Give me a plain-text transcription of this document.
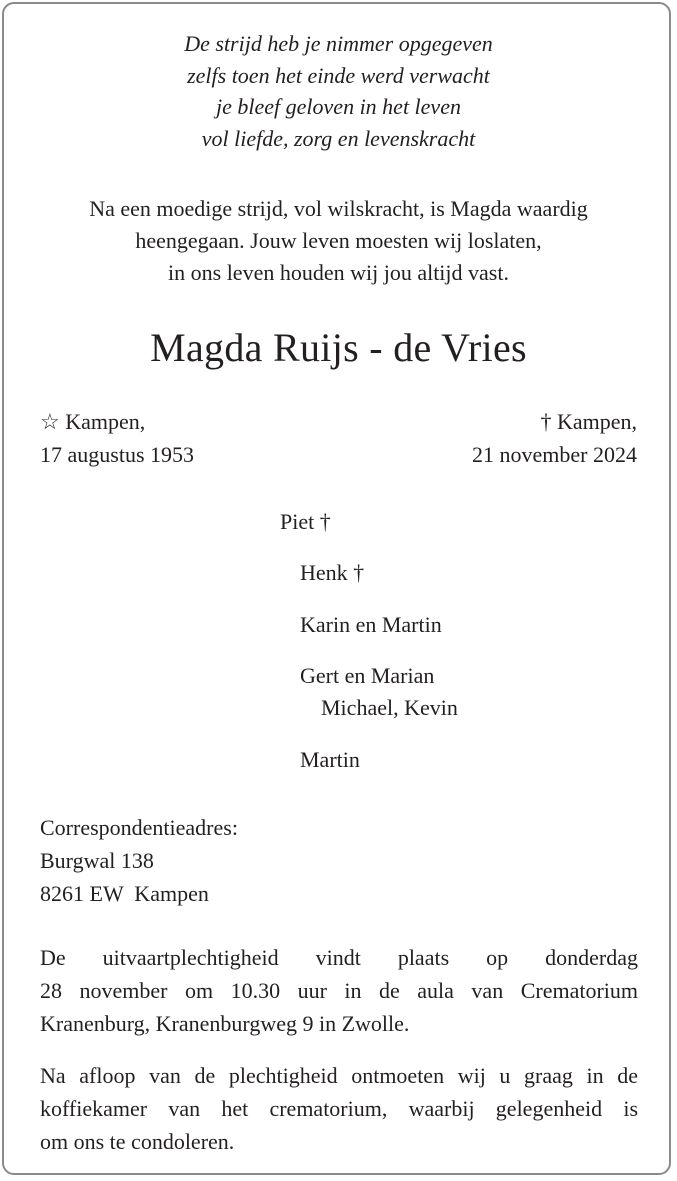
De strijd heb je nimmer opgegeven
zelfs toen het einde werd verwacht
je bleef geloven in het leven
vol liefde, zorg en levenskracht
Na een moedige strijd, vol wilskracht, is Magda waardig
heengegaan. Jouw leven moesten wij loslaten,
in ons leven houden wij jou altijd vast.
Magda Ruijs - de Vries
☆ Kampen,
17 augustus 1953
† Kampen,
21 november 2024
Piet †
Henk †
Karin en Martin
Gert en Marian
Michael, Kevin
Martin
Correspondentieadres:
Burgwal 138
8261 EW  Kampen
De uitvaartplechtigheid vindt plaats op donderdag
28 november om 10.30 uur in de aula van Crematorium
Kranenburg, Kranenburgweg 9 in Zwolle.
Na afloop van de plechtigheid ontmoeten wij u graag in de
koffiekamer van het crematorium, waarbij gelegenheid is
om ons te condoleren.
